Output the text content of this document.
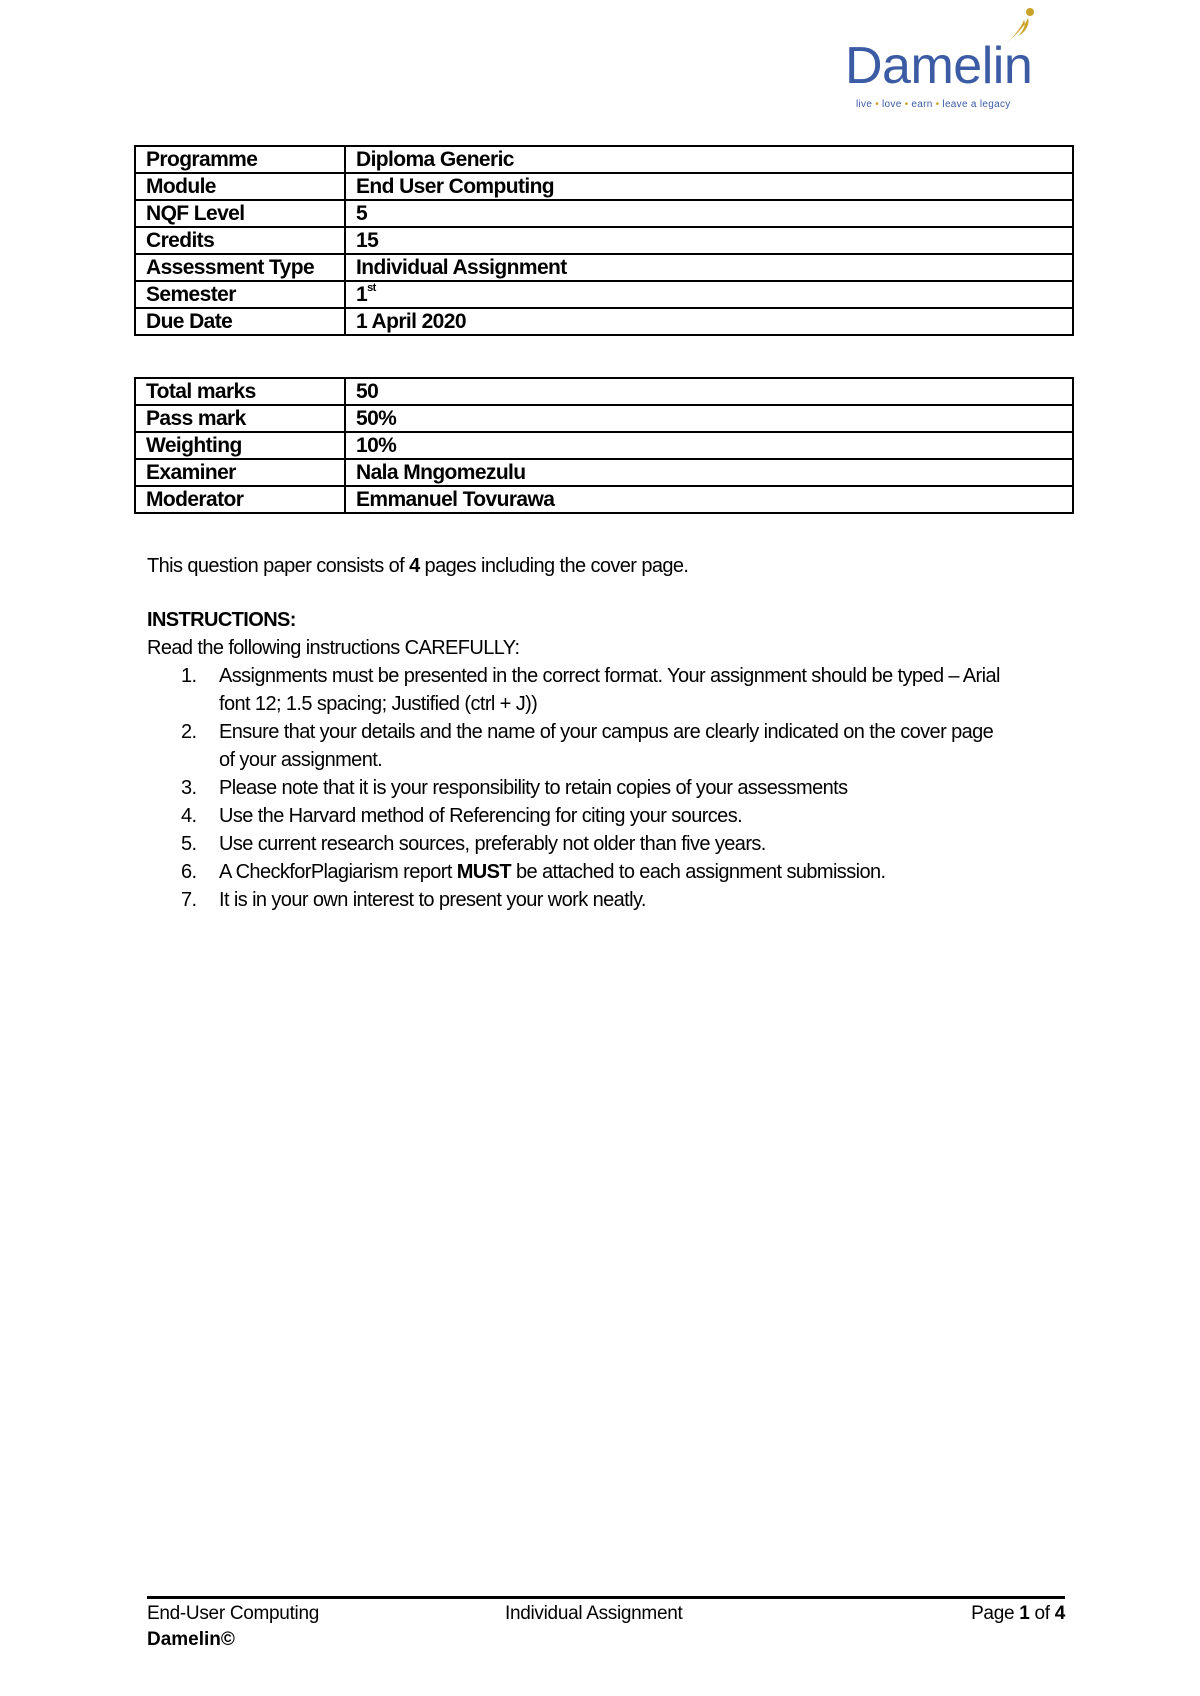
Damelin
live • love • earn • leave a legacy
Programme	Diploma Generic
Module	End User Computing
NQF Level	5
Credits	15
Assessment Type	Individual Assignment
Semester	1st
Due Date	1 April 2020
Total marks	50
Pass mark	50%
Weighting	10%
Examiner	Nala Mngomezulu
Moderator	Emmanuel Tovurawa
This question paper consists of 4 pages including the cover page.
INSTRUCTIONS:
Read the following instructions CAREFULLY:
1.	Assignments must be presented in the correct format. Your assignment should be typed – Arial
font 12; 1.5 spacing; Justified (ctrl + J))
2.	Ensure that your details and the name of your campus are clearly indicated on the cover page
of your assignment.
3.	Please note that it is your responsibility to retain copies of your assessments
4.	Use the Harvard method of Referencing for citing your sources.
5.	Use current research sources, preferably not older than five years.
6.	A CheckforPlagiarism report MUST be attached to each assignment submission.
7.	It is in your own interest to present your work neatly.
End-User Computing	Individual Assignment	Page 1 of 4
Damelin©
